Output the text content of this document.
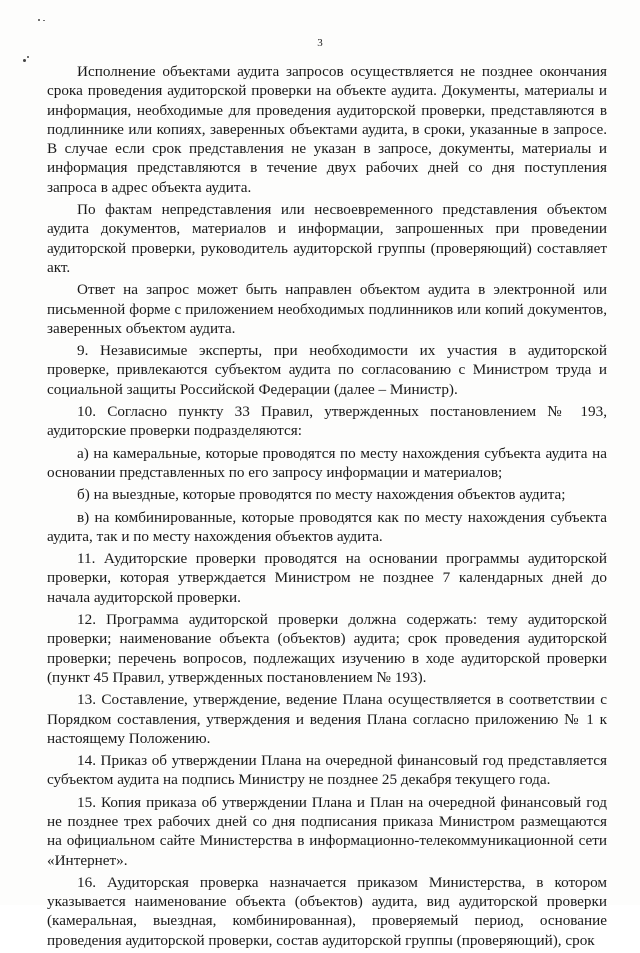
3

Исполнение объектами аудита запросов осуществляется не позднее окончания срока проведения аудиторской проверки на объекте аудита. Документы, материалы и информация, необходимые для проведения аудиторской проверки, представляются в подлиннике или копиях, заверенных объектами аудита, в сроки, указанные в запросе. В случае если срок представления не указан в запросе, документы, материалы и информация представляются в течение двух рабочих дней со дня поступления запроса в адрес объекта аудита.

По фактам непредставления или несвоевременного представления объектом аудита документов, материалов и информации, запрошенных при проведении аудиторской проверки, руководитель аудиторской группы (проверяющий) составляет акт.

Ответ на запрос может быть направлен объектом аудита в электронной или письменной форме с приложением необходимых подлинников или копий документов, заверенных объектом аудита.

9. Независимые эксперты, при необходимости их участия в аудиторской проверке, привлекаются субъектом аудита по согласованию с Министром труда и социальной защиты Российской Федерации (далее – Министр).

10. Согласно пункту 33 Правил, утвержденных постановлением № 193, аудиторские проверки подразделяются:

а) на камеральные, которые проводятся по месту нахождения субъекта аудита на основании представленных по его запросу информации и материалов;

б) на выездные, которые проводятся по месту нахождения объектов аудита;

в) на комбинированные, которые проводятся как по месту нахождения субъекта аудита, так и по месту нахождения объектов аудита.

11. Аудиторские проверки проводятся на основании программы аудиторской проверки, которая утверждается Министром не позднее 7 календарных дней до начала аудиторской проверки.

12. Программа аудиторской проверки должна содержать: тему аудиторской проверки; наименование объекта (объектов) аудита; срок проведения аудиторской проверки; перечень вопросов, подлежащих изучению в ходе аудиторской проверки (пункт 45 Правил, утвержденных постановлением № 193).

13. Составление, утверждение, ведение Плана осуществляется в соответствии с Порядком составления, утверждения и ведения Плана согласно приложению № 1 к настоящему Положению.

14. Приказ об утверждении Плана на очередной финансовый год представляется субъектом аудита на подпись Министру не позднее 25 декабря текущего года.

15. Копия приказа об утверждении Плана и План на очередной финансовый год не позднее трех рабочих дней со дня подписания приказа Министром размещаются на официальном сайте Министерства в информационно-телекоммуникационной сети «Интернет».

16. Аудиторская проверка назначается приказом Министерства, в котором указывается наименование объекта (объектов) аудита, вид аудиторской проверки (камеральная, выездная, комбинированная), проверяемый период, основание проведения аудиторской проверки, состав аудиторской группы (проверяющий), срок
